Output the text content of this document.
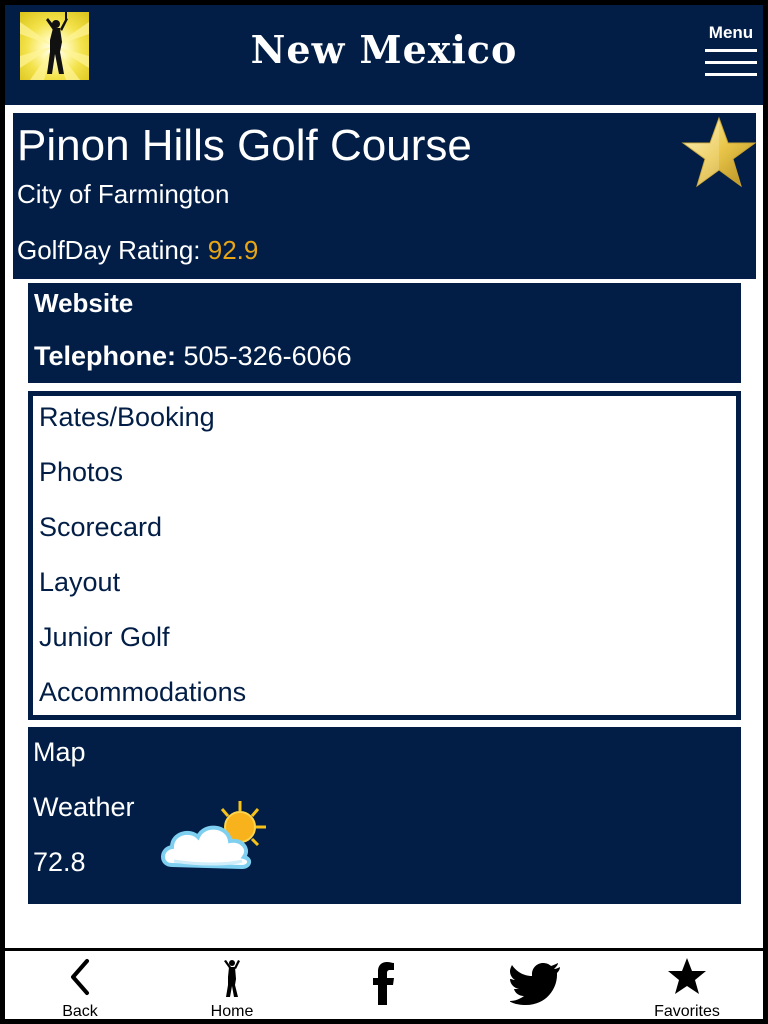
New Mexico	Menu
Pinon Hills Golf Course
City of Farmington
GolfDay Rating: 92.9
Website
Telephone: 505-326-6066
Rates/Booking
Photos
Scorecard
Layout
Junior Golf
Accommodations
Map
Weather
72.8
Back	Home	Favorites
